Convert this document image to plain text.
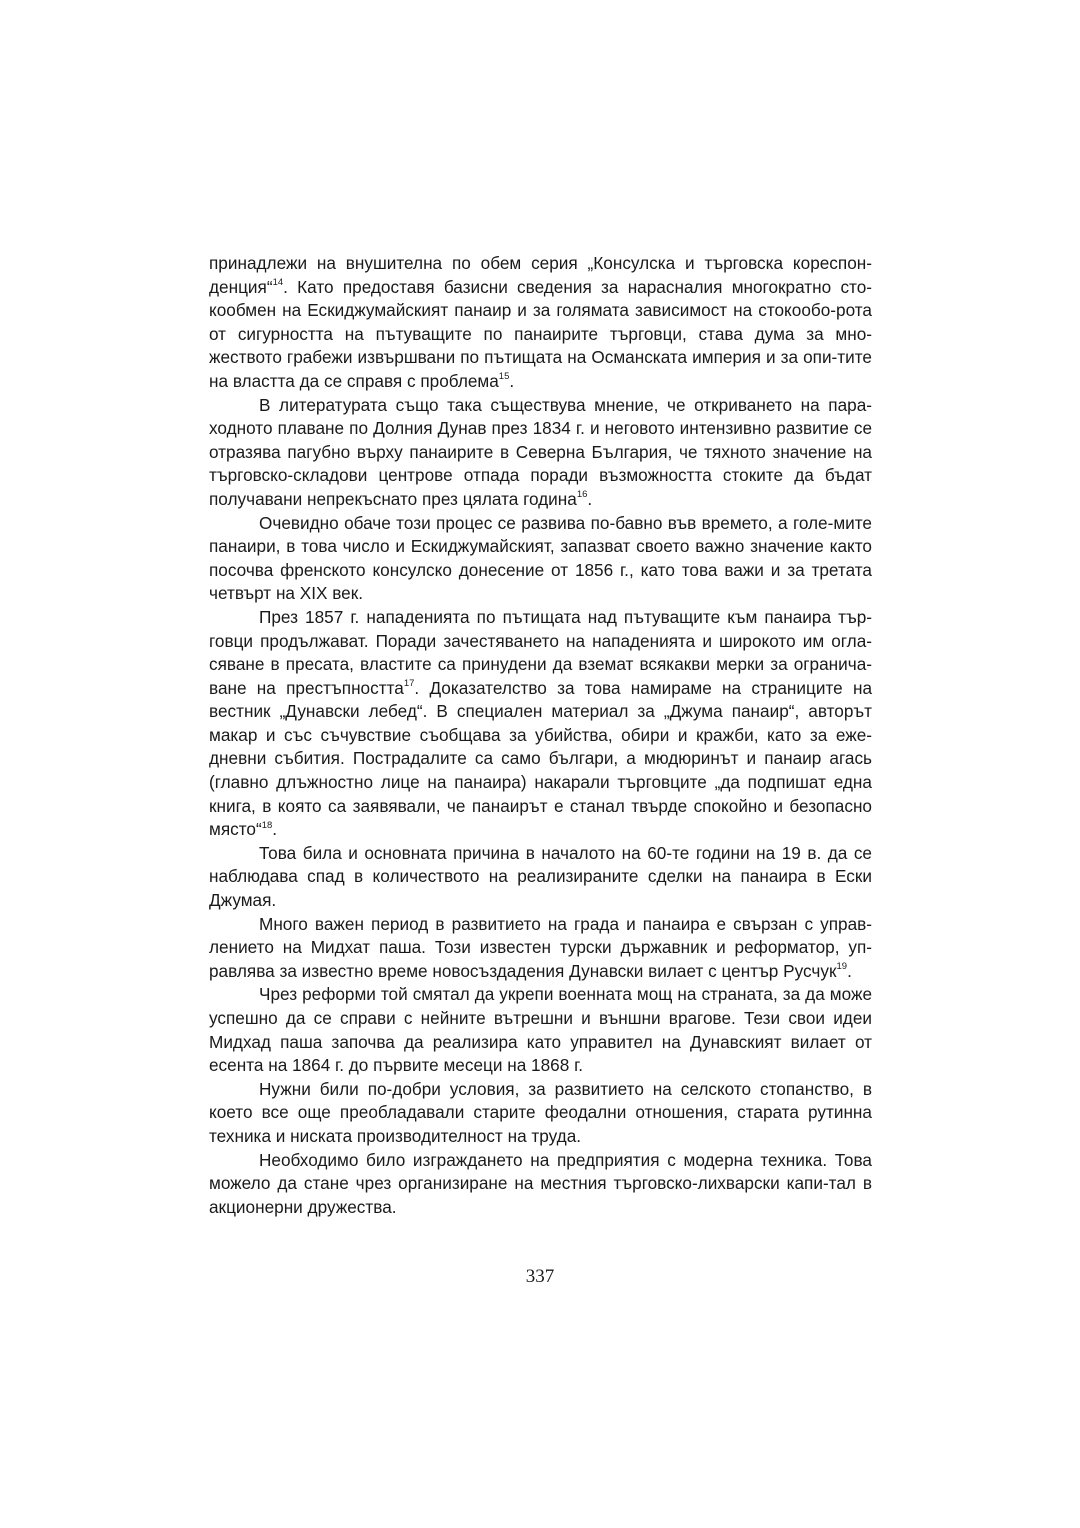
принадлежи на внушителна по обем серия „Консулска и търговска кореспон-денция“$^{14}$. Като предоставя базисни сведения за нараснaлия многократно сто-кообмен на Ескиджумайският панаир и за голямата зависимост на стокообо-рота от сигурността на пътуващите по панаирите търговци, става дума за мно-жеството грабежи извършвани по пътищата на Османската империя и за опи-тите на властта да се справя с проблема$^{15}$.

В литературата също така съществува мнение, че откриването на пара-ходното плаване по Долния Дунав през 1834 г. и неговото интензивно развитие се отразява пагубно върху панаирите в Северна България, че тяхното значение на търговско-складови центрове отпада поради възможността стоките да бъдат получавани непрекъснато през цялата година$^{16}$.

Очевидно обаче този процес се развива по-бавно във времето, а голе-мите панаири, в това число и Ескиджумайският, запазват своето важно значение както посочва френското консулско донесение от 1856 г., като това важи и за третата четвърт на XIX век.

През 1857 г. нападенията по пътищата над пътуващите към панаира тър-говци продължават. Поради зачестяването на нападенията и широкото им огла-сяване в пресата, властите са принудени да вземат всякакви мерки за огранича-ване на престъпността$^{17}$. Доказателство за това намираме на страниците на вестник „Дунавски лебед“. В специален материал за „Джума панаир“, авторът макар и със съчувствие съобщава за убийства, обири и кражби, като за ежe-дневни събития. Пострадалите са само българи, а мюдюринът и панаир агась (главно длъжностно лице на панаира) накарали търговците „да подпишат една книга, в която са заявявали, че панаирът е станал твърде спокойно и безопасно място“$^{18}$.

Това била и основната причина в началото на 60-те години на 19 в. да се наблюдава спад в количеството на реализираните сделки на панаира в Ески Джумая.

Много важен период в развитието на града и панаира е свързан с управ-лението на Мидхат паша. Този известен турски държавник и реформатор, уп-равлява за известно време новосъздадения Дунавски вилает с център Русчук$^{19}$.

Чрез реформи той смятал да укрепи военната мощ на страната, за да може успешно да се справи с нейните вътрешни и външни врагове. Тези свои идеи Мидхад паша започва да реализира като управител на Дунавският вилает от есента на 1864 г. до първите месеци на 1868 г.

Нужни били по-добри условия, за развитието на селското стопанство, в което все още преобладавали старите феодални отношения, старата рутинна техника и ниската производителност на труда.

Необходимо било изграждането на предприятия с модерна техника. Това можело да стане чрез организиране на местния търговско-лихварски капи-тал в акционерни дружества.

337
